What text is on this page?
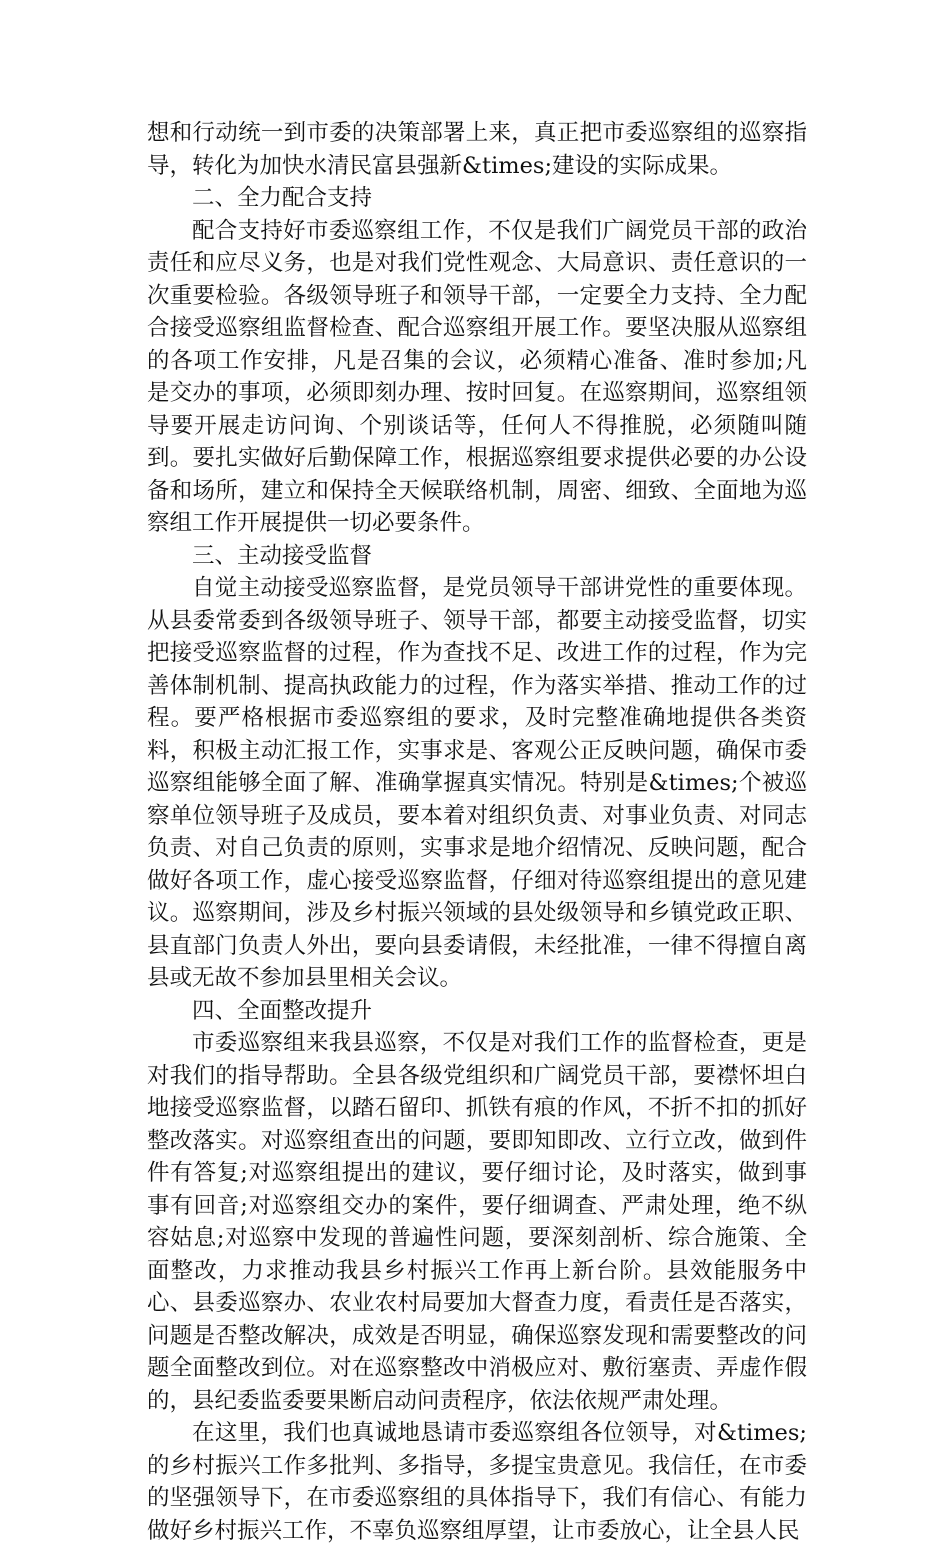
想和行动统一到市委的决策部署上来，真正把市委巡察组的巡察指导，转化为加快水清民富县强新&times;建设的实际成果。

二、全力配合支持

配合支持好市委巡察组工作，不仅是我们广阔党员干部的政治责任和应尽义务，也是对我们党性观念、大局意识、责任意识的一次重要检验。各级领导班子和领导干部，一定要全力支持、全力配合接受巡察组监督检查、配合巡察组开展工作。要坚决服从巡察组的各项工作安排，凡是召集的会议，必须精心准备、准时参加;凡是交办的事项，必须即刻办理、按时回复。在巡察期间，巡察组领导要开展走访问询、个别谈话等，任何人不得推脱，必须随叫随到。要扎实做好后勤保障工作，根据巡察组要求提供必要的办公设备和场所，建立和保持全天候联络机制，周密、细致、全面地为巡察组工作开展提供一切必要条件。

三、主动接受监督

自觉主动接受巡察监督，是党员领导干部讲党性的重要体现。从县委常委到各级领导班子、领导干部，都要主动接受监督，切实把接受巡察监督的过程，作为查找不足、改进工作的过程，作为完善体制机制、提高执政能力的过程，作为落实举措、推动工作的过程。要严格根据市委巡察组的要求，及时完整准确地提供各类资料，积极主动汇报工作，实事求是、客观公正反映问题，确保市委巡察组能够全面了解、准确掌握真实情况。特别是&times;个被巡察单位领导班子及成员，要本着对组织负责、对事业负责、对同志负责、对自己负责的原则，实事求是地介绍情况、反映问题，配合做好各项工作，虚心接受巡察监督，仔细对待巡察组提出的意见建议。巡察期间，涉及乡村振兴领域的县处级领导和乡镇党政正职、县直部门负责人外出，要向县委请假，未经批准，一律不得擅自离县或无故不参加县里相关会议。

四、全面整改提升

市委巡察组来我县巡察，不仅是对我们工作的监督检查，更是对我们的指导帮助。全县各级党组织和广阔党员干部，要襟怀坦白地接受巡察监督，以踏石留印、抓铁有痕的作风，不折不扣的抓好整改落实。对巡察组查出的问题，要即知即改、立行立改，做到件件有答复;对巡察组提出的建议，要仔细讨论，及时落实，做到事事有回音;对巡察组交办的案件，要仔细调查、严肃处理，绝不纵容姑息;对巡察中发现的普遍性问题，要深刻剖析、综合施策、全面整改，力求推动我县乡村振兴工作再上新台阶。县效能服务中心、县委巡察办、农业农村局要加大督查力度，看责任是否落实，问题是否整改解决，成效是否明显，确保巡察发现和需要整改的问题全面整改到位。对在巡察整改中消极应对、敷衍塞责、弄虚作假的，县纪委监委要果断启动问责程序，依法依规严肃处理。

在这里，我们也真诚地恳请市委巡察组各位领导，对&times;的乡村振兴工作多批判、多指导，多提宝贵意见。我信任，在市委的坚强领导下，在市委巡察组的具体指导下，我们有信心、有能力做好乡村振兴工作，不辜负巡察组厚望，让市委放心，让全县人民
